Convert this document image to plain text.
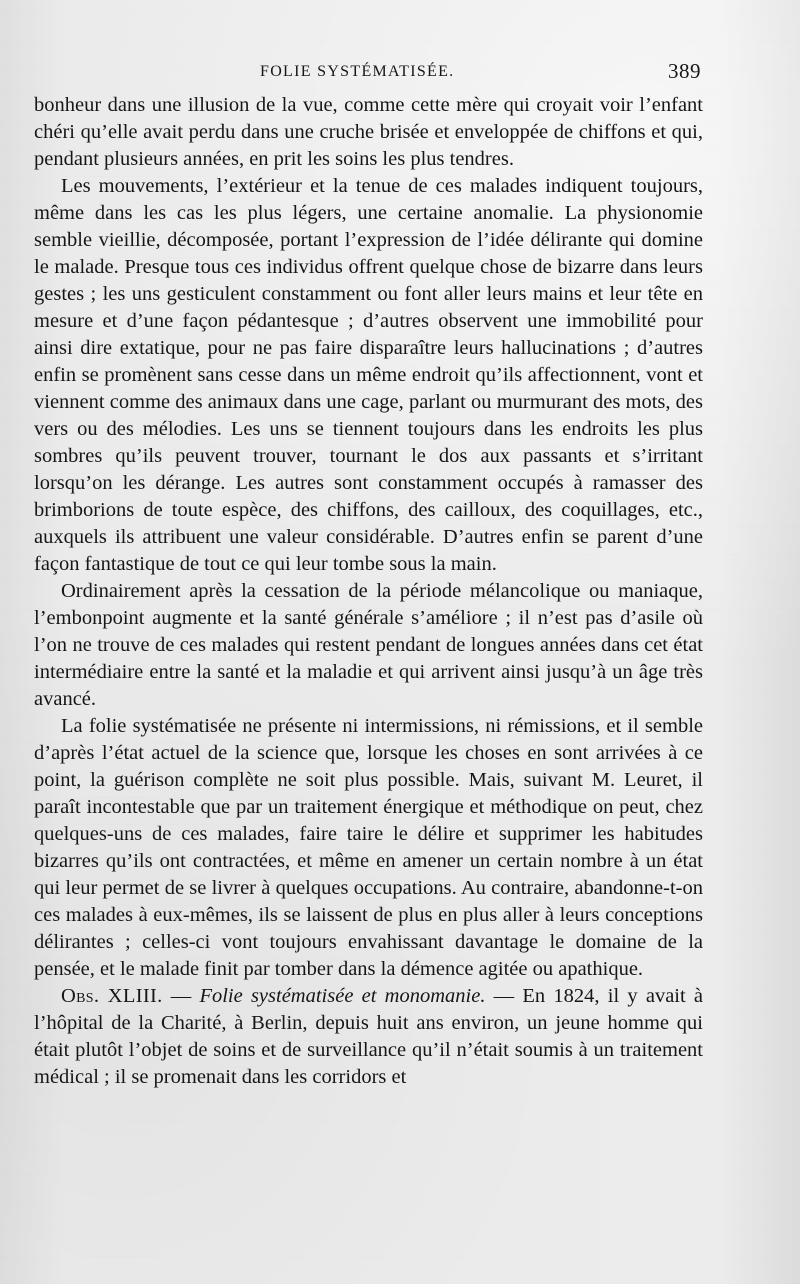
FOLIE SYSTÉMATISÉE.	389

bonheur dans une illusion de la vue, comme cette mère qui croyait voir l’enfant chéri qu’elle avait perdu dans une cruche brisée et enveloppée de chiffons et qui, pendant plusieurs années, en prit les soins les plus tendres.

Les mouvements, l’extérieur et la tenue de ces malades indiquent toujours, même dans les cas les plus légers, une certaine anomalie. La physionomie semble vieillie, décomposée, portant l’expression de l’idée délirante qui domine le malade. Presque tous ces individus offrent quelque chose de bizarre dans leurs gestes ; les uns gesticulent constamment ou font aller leurs mains et leur tête en mesure et d’une façon pédantesque ; d’autres observent une immobilité pour ainsi dire extatique, pour ne pas faire disparaître leurs hallucinations ; d’autres enfin se promènent sans cesse dans un même endroit qu’ils affectionnent, vont et viennent comme des animaux dans une cage, parlant ou murmurant des mots, des vers ou des mélodies. Les uns se tiennent toujours dans les endroits les plus sombres qu’ils peuvent trouver, tournant le dos aux passants et s’irritant lorsqu’on les dérange. Les autres sont constamment occupés à ramasser des brimborions de toute espèce, des chiffons, des cailloux, des coquillages, etc., auxquels ils attribuent une valeur considérable. D’autres enfin se parent d’une façon fantastique de tout ce qui leur tombe sous la main.

Ordinairement après la cessation de la période mélancolique ou maniaque, l’embonpoint augmente et la santé générale s’améliore ; il n’est pas d’asile où l’on ne trouve de ces malades qui restent pendant de longues années dans cet état intermédiaire entre la santé et la maladie et qui arrivent ainsi jusqu’à un âge très avancé.

La folie systématisée ne présente ni intermissions, ni rémissions, et il semble d’après l’état actuel de la science que, lorsque les choses en sont arrivées à ce point, la guérison complète ne soit plus possible. Mais, suivant M. Leuret, il paraît incontestable que par un traitement énergique et méthodique on peut, chez quelques-uns de ces malades, faire taire le délire et supprimer les habitudes bizarres qu’ils ont contractées, et même en amener un certain nombre à un état qui leur permet de se livrer à quelques occupations. Au contraire, abandonne-t-on ces malades à eux-mêmes, ils se laissent de plus en plus aller à leurs conceptions délirantes ; celles-ci vont toujours envahissant davantage le domaine de la pensée, et le malade finit par tomber dans la démence agitée ou apathique.

Obs. XLIII. — Folie systématisée et monomanie. — En 1824, il y avait à l’hôpital de la Charité, à Berlin, depuis huit ans environ, un jeune homme qui était plutôt l’objet de soins et de surveillance qu’il n’était soumis à un traitement médical ; il se promenait dans les corridors et
